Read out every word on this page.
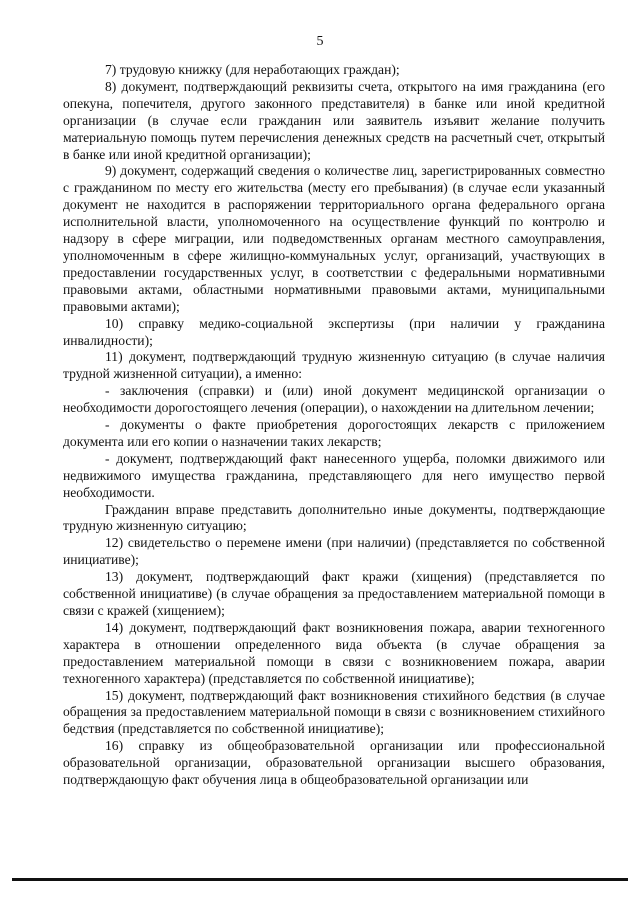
5

7) трудовую книжку (для неработающих граждан);

8) документ, подтверждающий реквизиты счета, открытого на имя гражданина (его опекуна, попечителя, другого законного представителя) в банке или иной кредитной организации (в случае если гражданин или заявитель изъявит желание получить материальную помощь путем перечисления денежных средств на расчетный счет, открытый в банке или иной кредитной организации);

9) документ, содержащий сведения о количестве лиц, зарегистрированных совместно с гражданином по месту его жительства (месту его пребывания) (в случае если указанный документ не находится в распоряжении территориального органа федерального органа исполнительной власти, уполномоченного на осуществление функций по контролю и надзору в сфере миграции, или подведомственных органам местного самоуправления, уполномоченным в сфере жилищно-коммунальных услуг, организаций, участвующих в предоставлении государственных услуг, в соответствии с федеральными нормативными правовыми актами, областными нормативными правовыми актами, муниципальными правовыми актами);

10) справку медико-социальной экспертизы (при наличии у гражданина инвалидности);

11) документ, подтверждающий трудную жизненную ситуацию (в случае наличия трудной жизненной ситуации), а именно:

- заключения (справки) и (или) иной документ медицинской организации о необходимости дорогостоящего лечения (операции), о нахождении на длительном лечении;

- документы о факте приобретения дорогостоящих лекарств с приложением документа или его копии о назначении таких лекарств;

- документ, подтверждающий факт нанесенного ущерба, поломки движимого или недвижимого имущества гражданина, представляющего для него имущество первой необходимости.

Гражданин вправе представить дополнительно иные документы, подтверждающие трудную жизненную ситуацию;

12) свидетельство о перемене имени (при наличии) (представляется по собственной инициативе);

13) документ, подтверждающий факт кражи (хищения) (представляется по собственной инициативе) (в случае обращения за предоставлением материальной помощи в связи с кражей (хищением);

14) документ, подтверждающий факт возникновения пожара, аварии техногенного характера в отношении определенного вида объекта (в случае обращения за предоставлением материальной помощи в связи с возникновением пожара, аварии техногенного характера) (представляется по собственной инициативе);

15) документ, подтверждающий факт возникновения стихийного бедствия (в случае обращения за предоставлением материальной помощи в связи с возникновением стихийного бедствия (представляется по собственной инициативе);

16) справку из общеобразовательной организации или профессиональной образовательной организации, образовательной организации высшего образования, подтверждающую факт обучения лица в общеобразовательной организации или
